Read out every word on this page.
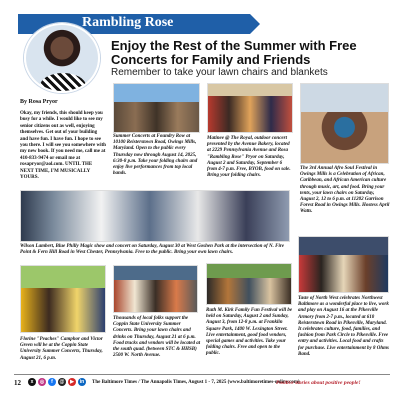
Rambling Rose
Enjoy the Rest of the Summer with Free Concerts for Family and Friends
Remember to take your lawn chairs and blankets
By Rosa Pryor

Okay, my friends, this should keep you busy for a while. I would like to see my senior citizens out as well, enjoying themselves. Get out of your building and have fun. I have fun. I hope to see you there. I will see you somewhere with my new book. If you need me, call me at 410-833-9474 or email me at rosapryor@aol.com. UNTIL THE NEXT TIME, I'M MUSICALLY YOURS.

Summer Concerts at Foundry Row at 10100 Reisterstown Road, Owings Mills, Maryland. Open to the public every Thursday now through August 14, 2025, 6:30-8 p.m. Take your folding chairs and enjoy live performances from top local bands.
Matinee @ The Royal, outdoor concert presented by the Avenue Bakery, located at 2229 Pennsylvania Avenue and Rosa "Rambling Rose" Pryor on Saturday, August 2 and Saturday, September 6 from 4-7 p.m. Free, BYOB, food on sale. Bring your folding chairs.
The 3rd Annual Afro Soul Festival in Owings Mills is a Celebration of African, Caribbean, and African American culture through music, art, and food. Bring your tents, your lawn chairs on Saturday, August 2, 12 to 6 p.m. at 11202 Garrison Forest Road in Owings Mills. Hostess April Watts.
Wilson Lambert, Blue Philly Magic show and concert on Saturday, August 30 at West Goshen Park at the intersection of N. Fire Point & Fern Hill Road in West Chester, Pennsylvania. Free to the public. Bring your own lawn chairs.
Florine "Peaches" Camphor and Victor Green will be at the Coppin State University Summer Concerts, Thursday, August 21, 6 p.m.
Thousands of local folks support the Coppin State University Summer Concerts. Bring your lawn chairs and drinks on Thursday, August 21 at 6 p.m. Food trucks and vendors will be located at the south quad. (between STC & HHSB) 2500 W. North Avenue.
Ruth M. Kirk Family Fun Festival will be held on Saturday, August 2 and Sunday, August 3, from 12-8 p.m. at Franklin Square Park, 1400 W. Lexington Street. Live entertainment, good food vendors, special games and activities. Take your folding chairs. Free and open to the public.
Taste of North West celebrates Northwest Baltimore as a wonderful place to live, work and play on August 16 at the Pikesville Armory from 2-7 p.m., located at 610 Reisterstown Road in Pikesville, Maryland. It celebrates culture, food, families, and fashion from Park Circle to Pikesville. Free entry and activities. Local food and crafts for purchase. Live entertainment by 8 Ohms Band.
12	x	◎	f	@	▶	in	The Baltimore Times / The Annapolis Times, August 1 - 7, 2025 (www.baltimoretimes-online.com)
Positive stories about positive people!
